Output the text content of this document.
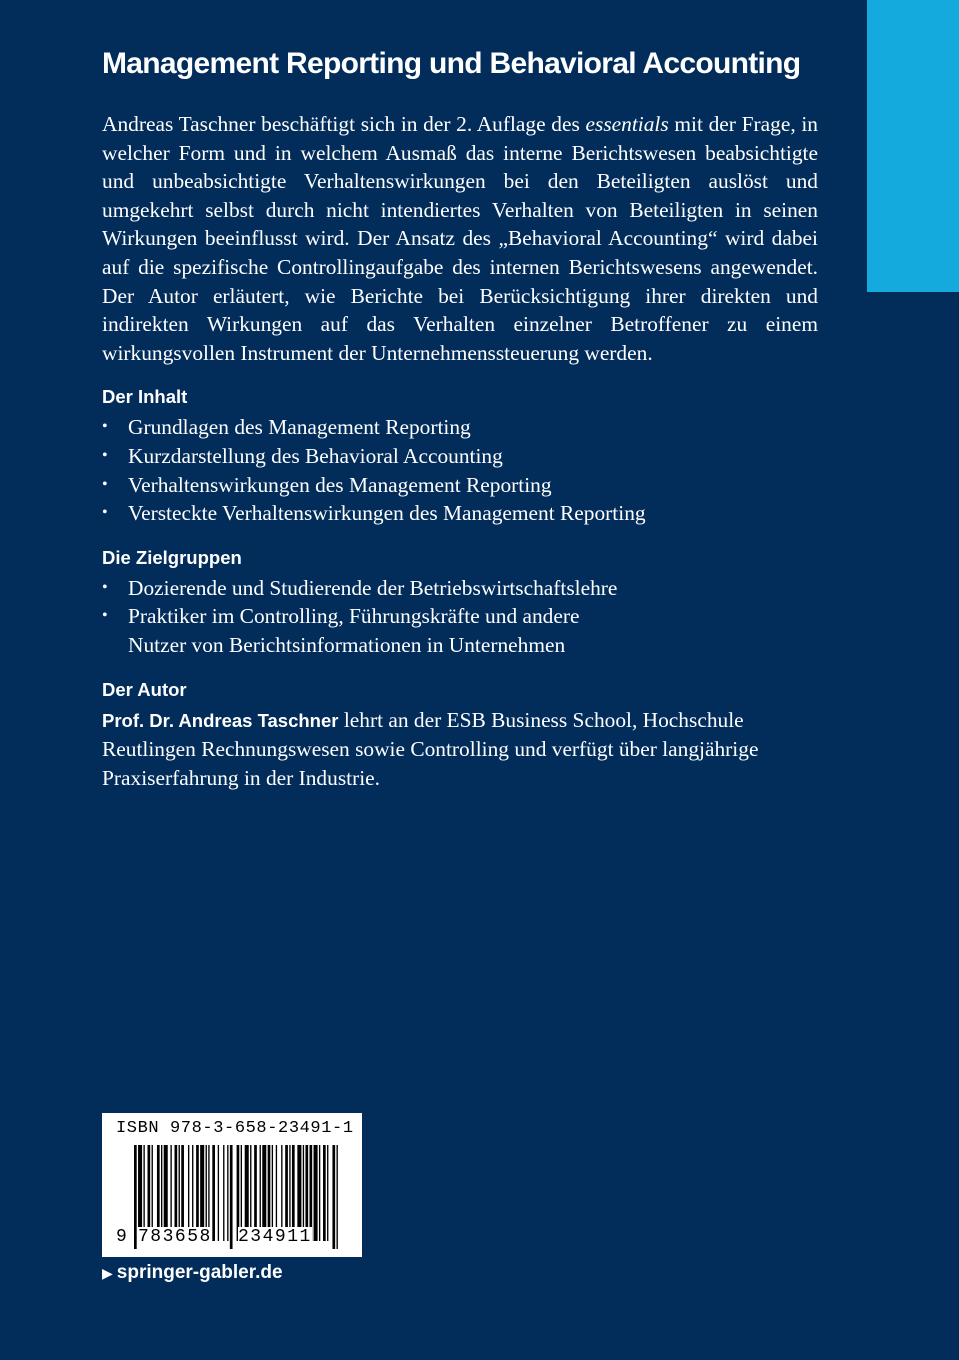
Management Reporting und Behavioral Accounting

Andreas Taschner beschäftigt sich in der 2. Auflage des essentials mit der Frage, in welcher Form und in welchem Ausmaß das interne Berichtswesen beabsichtigte und unbeabsichtigte Verhaltenswirkungen bei den Beteiligten auslöst und umgekehrt selbst durch nicht intendiertes Verhalten von Beteiligten in seinen Wirkungen beeinflusst wird. Der Ansatz des „Behavioral Accounting“ wird dabei auf die spezifische Controllingaufgabe des internen Berichtswesens angewendet. Der Autor erläutert, wie Berichte bei Berücksichtigung ihrer direkten und indirekten Wirkungen auf das Verhalten einzelner Betroffener zu einem wirkungsvollen Instrument der Unternehmenssteuerung werden.

Der Inhalt
• Grundlagen des Management Reporting
• Kurzdarstellung des Behavioral Accounting
• Verhaltenswirkungen des Management Reporting
• Versteckte Verhaltenswirkungen des Management Reporting
Die Zielgruppen
• Dozierende und Studierende der Betriebswirtschaftslehre
• Praktiker im Controlling, Führungskräfte und andere Nutzer von Berichtsinformationen in Unternehmen
Der Autor

Prof. Dr. Andreas Taschner lehrt an der ESB Business School, Hochschule Reutlingen Rechnungswesen sowie Controlling und verfügt über langjährige Praxiserfahrung in der Industrie.

ISBN 978-3-658-23491-1
9 783658 234911
▶ springer-gabler.de
